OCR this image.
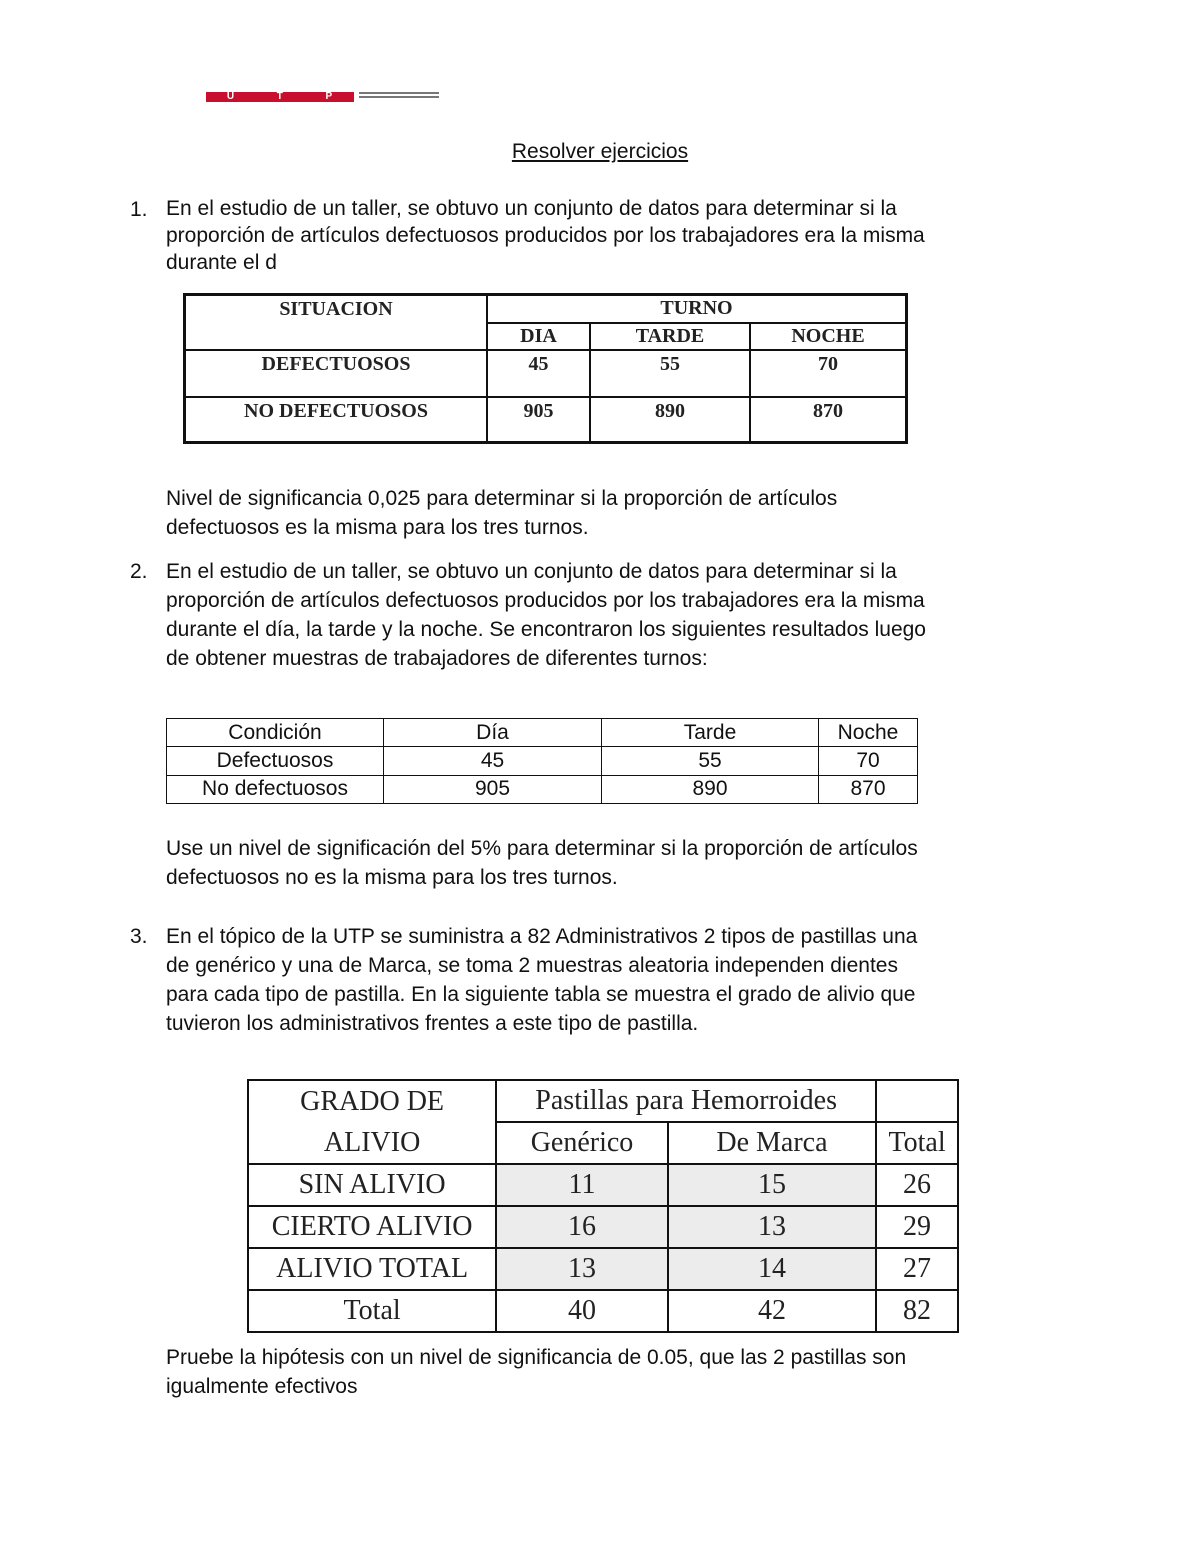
U	T	P
Resolver ejercicios
1. En el estudio de un taller, se obtuvo un conjunto de datos para determinar si la
proporción de artículos defectuosos producidos por los trabajadores era la misma
durante el d

SITUACION	TURNO		
	DIA	TARDE	NOCHE
DEFECTUOSOS	45	55	70
NO DEFECTUOSOS	905	890	870

Nivel de significancia 0,025 para determinar si la proporción de artículos
defectuosos es la misma para los tres turnos.

2. En el estudio de un taller, se obtuvo un conjunto de datos para determinar si la
proporción de artículos defectuosos producidos por los trabajadores era la misma
durante el día, la tarde y la noche. Se encontraron los siguientes resultados luego
de obtener muestras de trabajadores de diferentes turnos:

Condición	Día	Tarde	Noche
Defectuosos	45	55	70
No defectuosos	905	890	870

Use un nivel de significación del 5% para determinar si la proporción de artículos
defectuosos no es la misma para los tres turnos.

3. En el tópico de la UTP se suministra a 82 Administrativos 2 tipos de pastillas una
de genérico y una de Marca, se toma 2 muestras aleatoria independen dientes
para cada tipo de pastilla. En la siguiente tabla se muestra el grado de alivio que
tuvieron los administrativos frentes a este tipo de pastilla.

GRADO DE
ALIVIO	Pastillas para Hemorroides		
	Genérico	De Marca	Total
SIN ALIVIO	11	15	26
CIERTO ALIVIO	16	13	29
ALIVIO TOTAL	13	14	27
Total	40	42	82

Pruebe la hipótesis con un nivel de significancia de 0.05, que las 2 pastillas son
igualmente efectivos
